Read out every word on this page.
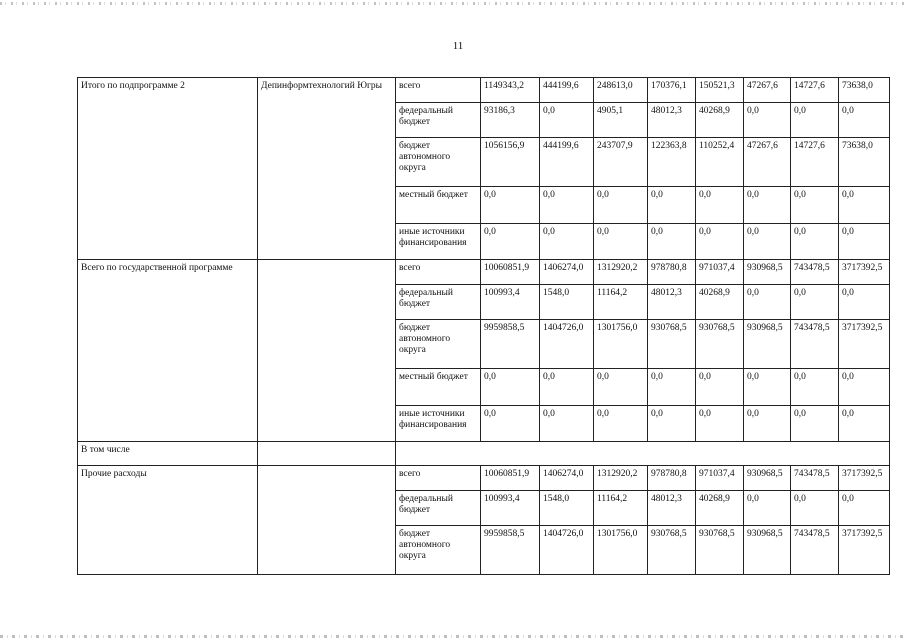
11
Итого по подпрограмме 2	Депинформтехнологий Югры	всего	1149343,2	444199,6	248613,0	170376,1	150521,3	47267,6	14727,6	73638,0
		федеральный бюджет	93186,3	0,0	4905,1	48012,3	40268,9	0,0	0,0	0,0
		бюджет автономного округа	1056156,9	444199,6	243707,9	122363,8	110252,4	47267,6	14727,6	73638,0
		местный бюджет	0,0	0,0	0,0	0,0	0,0	0,0	0,0	0,0
		иные источники финансирования	0,0	0,0	0,0	0,0	0,0	0,0	0,0	0,0
Всего по государственной программе		всего	10060851,9	1406274,0	1312920,2	978780,8	971037,4	930968,5	743478,5	3717392,5
		федеральный бюджет	100993,4	1548,0	11164,2	48012,3	40268,9	0,0	0,0	0,0
		бюджет автономного округа	9959858,5	1404726,0	1301756,0	930768,5	930768,5	930968,5	743478,5	3717392,5
		местный бюджет	0,0	0,0	0,0	0,0	0,0	0,0	0,0	0,0
		иные источники финансирования	0,0	0,0	0,0	0,0	0,0	0,0	0,0	0,0
В том числе										
Прочие расходы		всего	10060851,9	1406274,0	1312920,2	978780,8	971037,4	930968,5	743478,5	3717392,5
		федеральный бюджет	100993,4	1548,0	11164,2	48012,3	40268,9	0,0	0,0	0,0
		бюджет автономного округа	9959858,5	1404726,0	1301756,0	930768,5	930768,5	930968,5	743478,5	3717392,5
